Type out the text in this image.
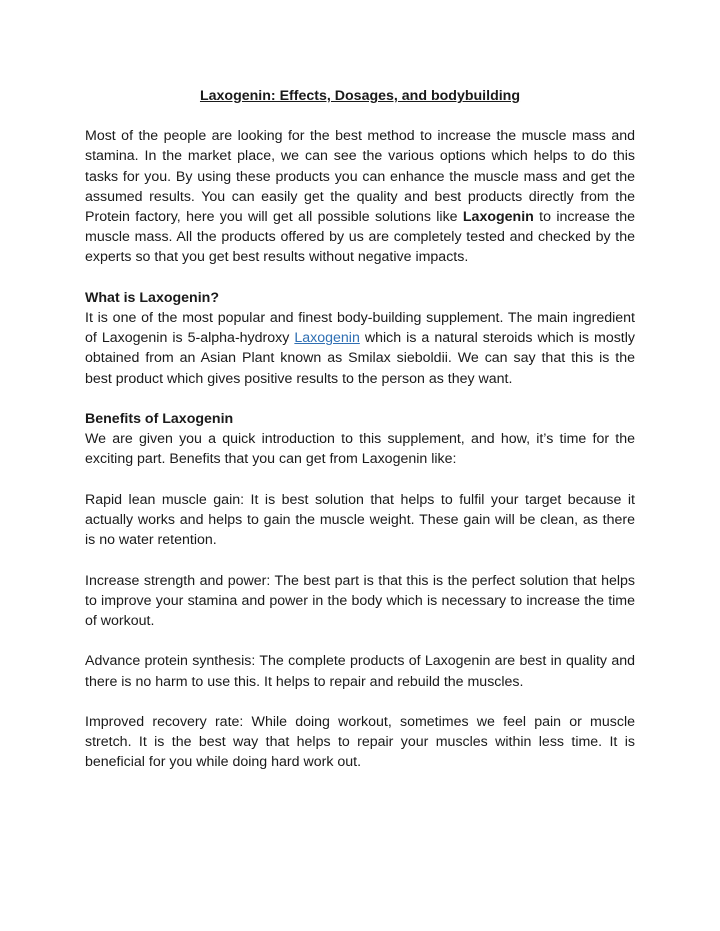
Laxogenin: Effects, Dosages, and bodybuilding

Most of the people are looking for the best method to increase the muscle mass and stamina. In the market place, we can see the various options which helps to do this tasks for you. By using these products you can enhance the muscle mass and get the assumed results. You can easily get the quality and best products directly from the Protein factory, here you will get all possible solutions like Laxogenin to increase the muscle mass. All the products offered by us are completely tested and checked by the experts so that you get best results without negative impacts.

What is Laxogenin?

It is one of the most popular and finest body-building supplement. The main ingredient of Laxogenin is 5-alpha-hydroxy Laxogenin which is a natural steroids which is mostly obtained from an Asian Plant known as Smilax sieboldii. We can say that this is the best product which gives positive results to the person as they want.

Benefits of Laxogenin

We are given you a quick introduction to this supplement, and how, it’s time for the exciting part. Benefits that you can get from Laxogenin like:

Rapid lean muscle gain: It is best solution that helps to fulfil your target because it actually works and helps to gain the muscle weight. These gain will be clean, as there is no water retention.

Increase strength and power: The best part is that this is the perfect solution that helps to improve your stamina and power in the body which is necessary to increase the time of workout.

Advance protein synthesis: The complete products of Laxogenin are best in quality and there is no harm to use this. It helps to repair and rebuild the muscles.

Improved recovery rate: While doing workout, sometimes we feel pain or muscle stretch. It is the best way that helps to repair your muscles within less time. It is beneficial for you while doing hard work out.
